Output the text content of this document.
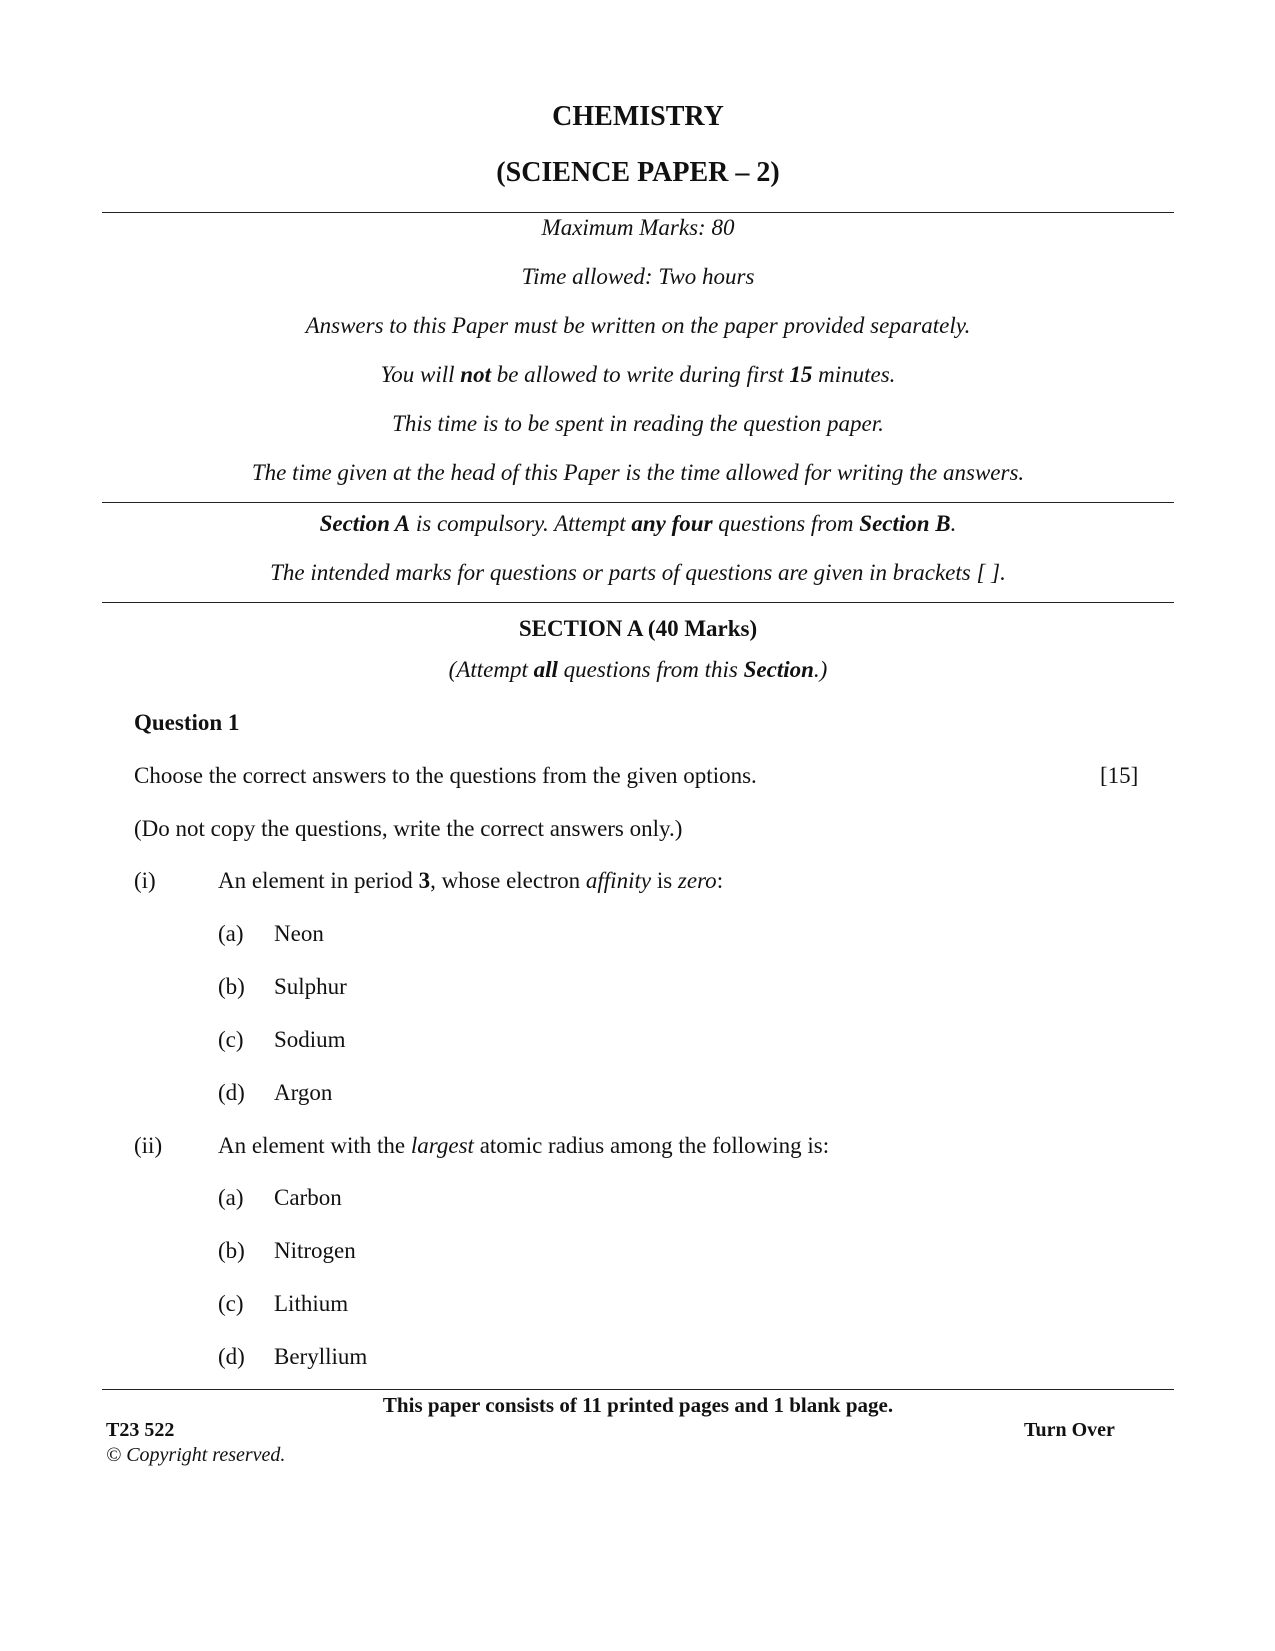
CHEMISTRY
(SCIENCE PAPER – 2)
Maximum Marks: 80
Time allowed: Two hours
Answers to this Paper must be written on the paper provided separately.
You will not be allowed to write during first 15 minutes.
This time is to be spent in reading the question paper.
The time given at the head of this Paper is the time allowed for writing the answers.
Section A is compulsory. Attempt any four questions from Section B.
The intended marks for questions or parts of questions are given in brackets [ ].
SECTION A (40 Marks)
(Attempt all questions from this Section.)
Question 1
Choose the correct answers to the questions from the given options.	[15]
(Do not copy the questions, write the correct answers only.)
(i)	An element in period 3, whose electron affinity is zero:
(a) Neon
(b) Sulphur
(c) Sodium
(d) Argon
(ii) An element with the largest atomic radius among the following is:
(a) Carbon
(b) Nitrogen
(c) Lithium
(d) Beryllium
This paper consists of 11 printed pages and 1 blank page.
T23 522	Turn Over
© Copyright reserved.
